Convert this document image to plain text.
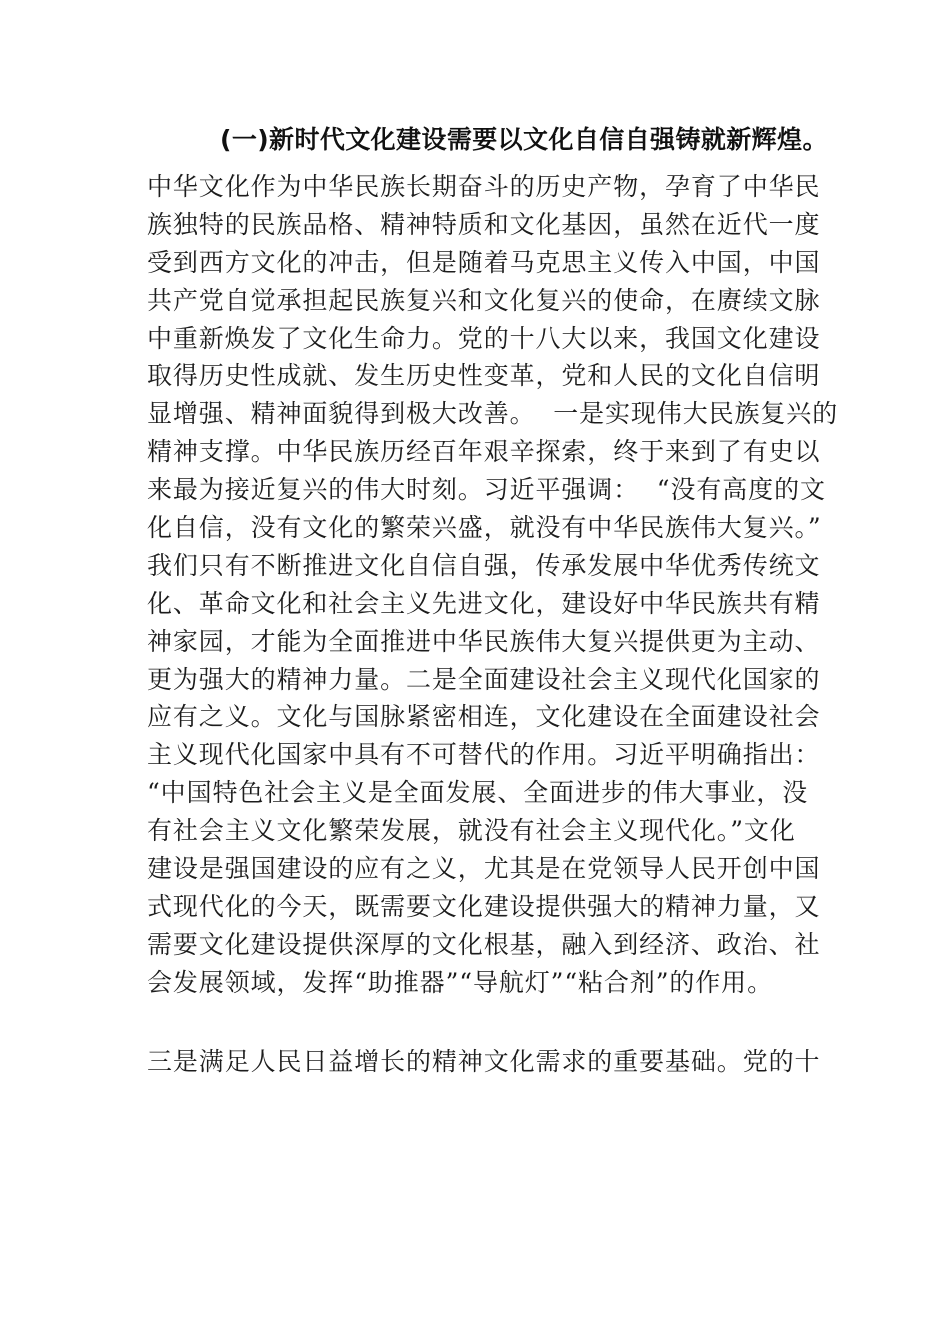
(一)新时代文化建设需要以文化自信自强铸就新辉煌。
中华文化作为中华民族长期奋斗的历史产物，孕育了中华民
族独特的民族品格、精神特质和文化基因，虽然在近代一度
受到西方文化的冲击，但是随着马克思主义传入中国，中国
共产党自觉承担起民族复兴和文化复兴的使命，在赓续文脉
中重新焕发了文化生命力。党的十八大以来，我国文化建设
取得历史性成就、发生历史性变革，党和人民的文化自信明
显增强、精神面貌得到极大改善。  一是实现伟大民族复兴的
精神支撑。中华民族历经百年艰辛探索，终于来到了有史以
来最为接近复兴的伟大时刻。习近平强调：  “没有高度的文
化自信，没有文化的繁荣兴盛，就没有中华民族伟大复兴。”
我们只有不断推进文化自信自强，传承发展中华优秀传统文
化、革命文化和社会主义先进文化，建设好中华民族共有精
神家园，才能为全面推进中华民族伟大复兴提供更为主动、
更为强大的精神力量。二是全面建设社会主义现代化国家的
应有之义。文化与国脉紧密相连，文化建设在全面建设社会
主义现代化国家中具有不可替代的作用。习近平明确指出：
“中国特色社会主义是全面发展、全面进步的伟大事业，没
有社会主义文化繁荣发展，就没有社会主义现代化。”文化
建设是强国建设的应有之义，尤其是在党领导人民开创中国
式现代化的今天，既需要文化建设提供强大的精神力量，又
需要文化建设提供深厚的文化根基，融入到经济、政治、社
会发展领域，发挥“助推器”“导航灯”“粘合剂”的作用。
三是满足人民日益增长的精神文化需求的重要基础。党的十
